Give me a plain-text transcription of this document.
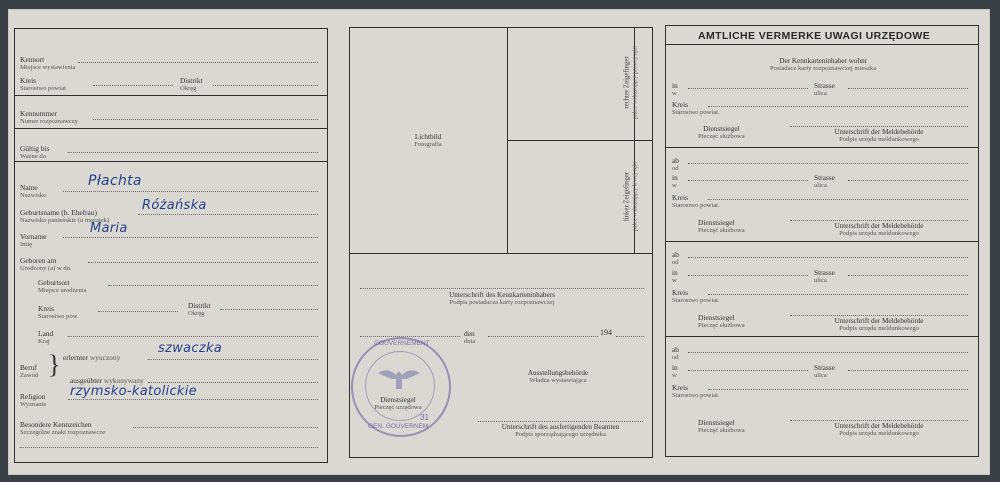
Kennort
Miejsce wystawienia
Kreis
Starostwo powiat
Distrikt
Okręg
Kennummer
Numer rozpoznawczy
Gültig bis
Ważne do
Name
Nazwisko
Płachta
Geburtsname (b. Ehefrau)
Nazwisko panieńskie (u mężatek)
Różańska
Vorname
Imię
Maria
Geboren am
Urodzony (a) w dn.
Geburtsort
Miejsce urodzenia
Kreis
Starostwo pow.
Distrikt
Okręg
Land
Kraj
Beruf
Zawód } erlernter wyuczony
szwaczka
ausgeübter wykonywany
Religion
Wyznanie
rzymsko-katolickie
Besondere Kennzeichen
Szczególne znaki rozpoznawcze
Lichtbild
Fotografia
rechter Zeigefinger palec wskazujący prawej ręki
linker Zeigefinger palec wskazujący lewej ręki
Unterschrift des Kennkarteninhabers
Podpis posiadacza karty rozpoznawczej
den
dnia
194
Ausstellungsbehörde
Władza wystawiająca
GOUVERNEMENT
GEN. GOUVERNEM
31
Dienstsiegel
Pieczęć urzędowa
Unterschrift des ausfertigenden Beamten
Podpis sporządzającego urzędnika
AMTLICHE VERMERKE UWAGI URZĘDOWE
Der Kennkarteninhaber wohnt
Posiadacz karty rozpoznawczej mieszka
in
w
Strasse
ulica
Kreis
Starostwo powiat.
Dienstsiegel
Pieczęć służbowa
Unterschrift der Meldebehörde
Podpis urzędu meldunkowego
ab
od
in
w
Strasse
ulica
Kreis
Starostwo powiat.
Dienstsiegel
Pieczęć służbowa
Unterschrift der Meldebehörde
Podpis urzędu meldunkowego
ab
od
in
w
Strasse
ulica
Kreis
Starostwo powiat.
Dienstsiegel
Pieczęć służbowa
Unterschrift der Meldebehörde
Podpis urzędu meldunkowego
ab
od
in
w
Strasse
ulica
Kreis
Starostwo powiat.
Dienstsiegel
Pieczęć służbowa
Unterschrift der Meldebehörde
Podpis urzędu meldunkowego
